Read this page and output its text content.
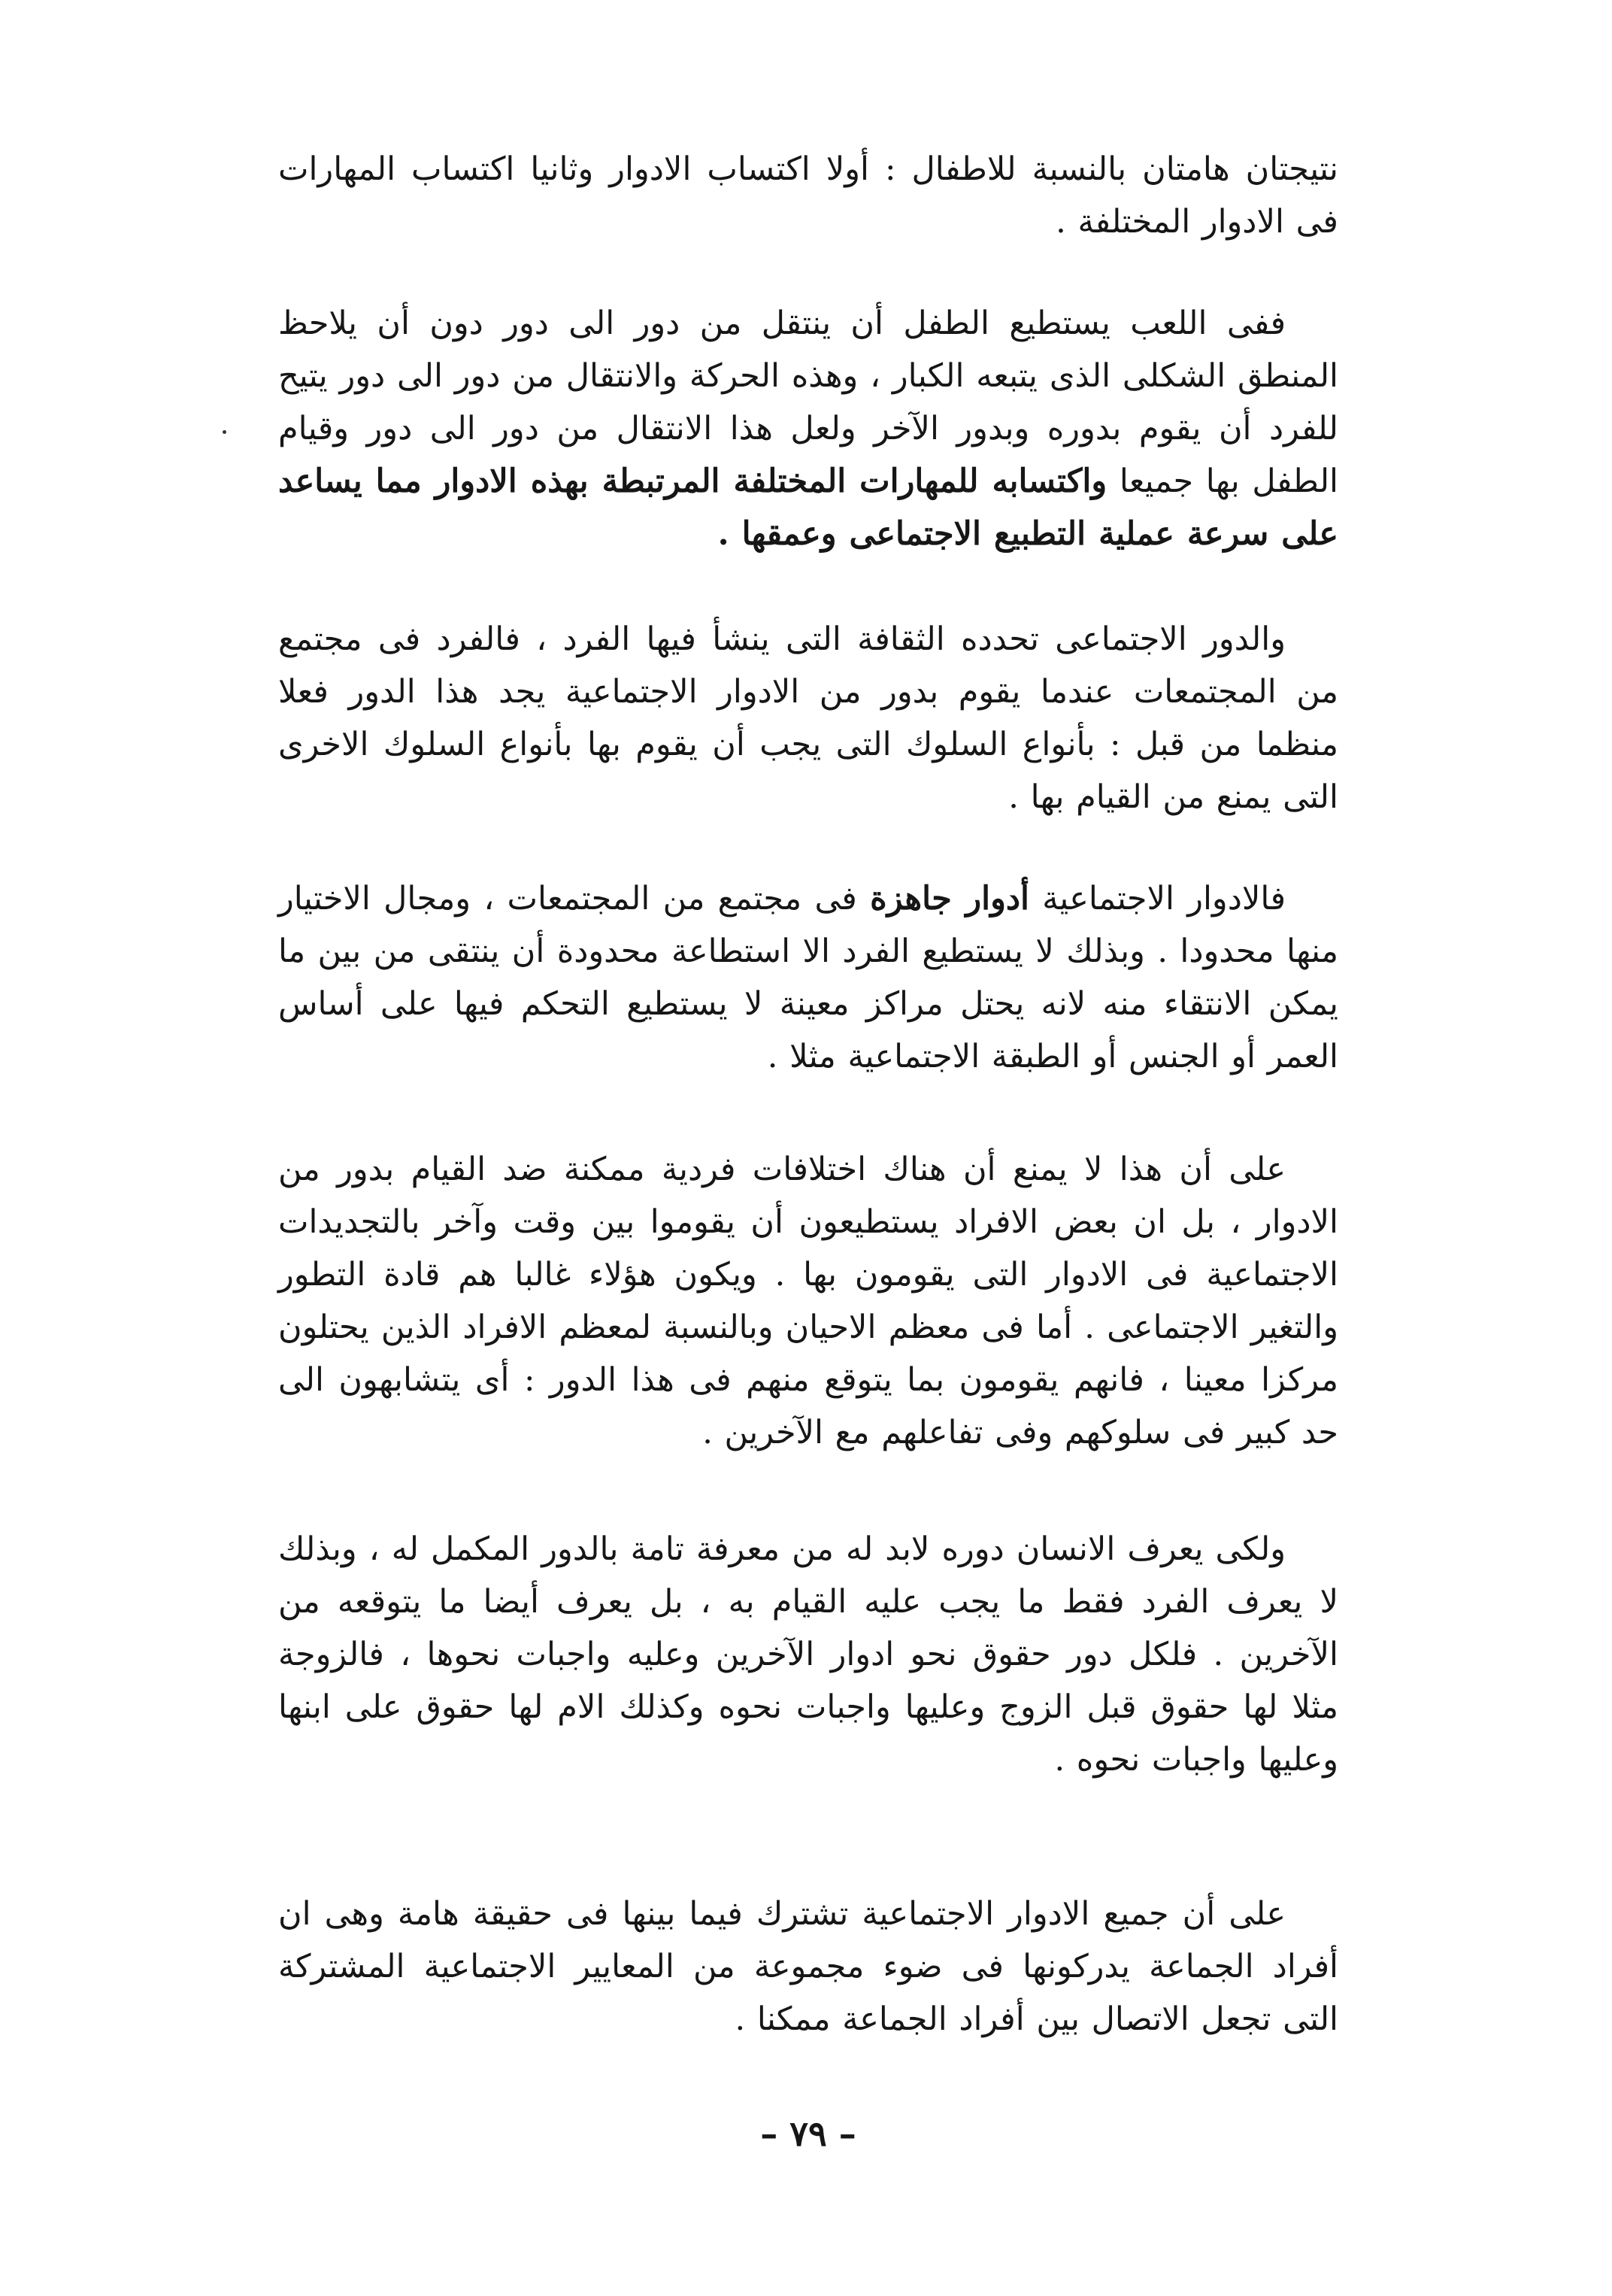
نتيجتان هامتان بالنسبة للاطفال : أولا اكتساب الادوار وثانيا اكتساب المهارات فى الادوار المختلفة .

ففى اللعب يستطيع الطفل أن ينتقل من دور الى دور دون أن يلاحظ المنطق الشكلى الذى يتبعه الكبار ، وهذه الحركة والانتقال من دور الى دور يتيح للفرد أن يقوم بدوره وبدور الآخر ولعل هذا الانتقال من دور الى دور وقيام الطفل بها جميعا واكتسابه للمهارات المختلفة المرتبطة بهذه الادوار مما يساعد على سرعة عملية التطبيع الاجتماعى وعمقها .

والدور الاجتماعى تحدده الثقافة التى ينشأ فيها الفرد ، فالفرد فى مجتمع من المجتمعات عندما يقوم بدور من الادوار الاجتماعية يجد هذا الدور فعلا منظما من قبل : بأنواع السلوك التى يجب أن يقوم بها بأنواع السلوك الاخرى التى يمنع من القيام بها .

فالادوار الاجتماعية أدوار جاهزة فى مجتمع من المجتمعات ، ومجال الاختيار منها محدودا . وبذلك لا يستطيع الفرد الا استطاعة محدودة أن ينتقى من بين ما يمكن الانتقاء منه لانه يحتل مراكز معينة لا يستطيع التحكم فيها على أساس العمر أو الجنس أو الطبقة الاجتماعية مثلا .

على أن هذا لا يمنع أن هناك اختلافات فردية ممكنة ضد القيام بدور من الادوار ، بل ان بعض الافراد يستطيعون أن يقوموا بين وقت وآخر بالتجديدات الاجتماعية فى الادوار التى يقومون بها . ويكون هؤلاء غالبا هم قادة التطور والتغير الاجتماعى . أما فى معظم الاحيان وبالنسبة لمعظم الافراد الذين يحتلون مركزا معينا ، فانهم يقومون بما يتوقع منهم فى هذا الدور : أى يتشابهون الى حد كبير فى سلوكهم وفى تفاعلهم مع الآخرين .

ولكى يعرف الانسان دوره لابد له من معرفة تامة بالدور المكمل له ، وبذلك لا يعرف الفرد فقط ما يجب عليه القيام به ، بل يعرف أيضا ما يتوقعه من الآخرين . فلكل دور حقوق نحو ادوار الآخرين وعليه واجبات نحوها ، فالزوجة مثلا لها حقوق قبل الزوج وعليها واجبات نحوه وكذلك الام لها حقوق على ابنها وعليها واجبات نحوه .

على أن جميع الادوار الاجتماعية تشترك فيما بينها فى حقيقة هامة وهى ان أفراد الجماعة يدركونها فى ضوء مجموعة من المعايير الاجتماعية المشتركة التى تجعل الاتصال بين أفراد الجماعة ممكنا .

– ٧٩ –
